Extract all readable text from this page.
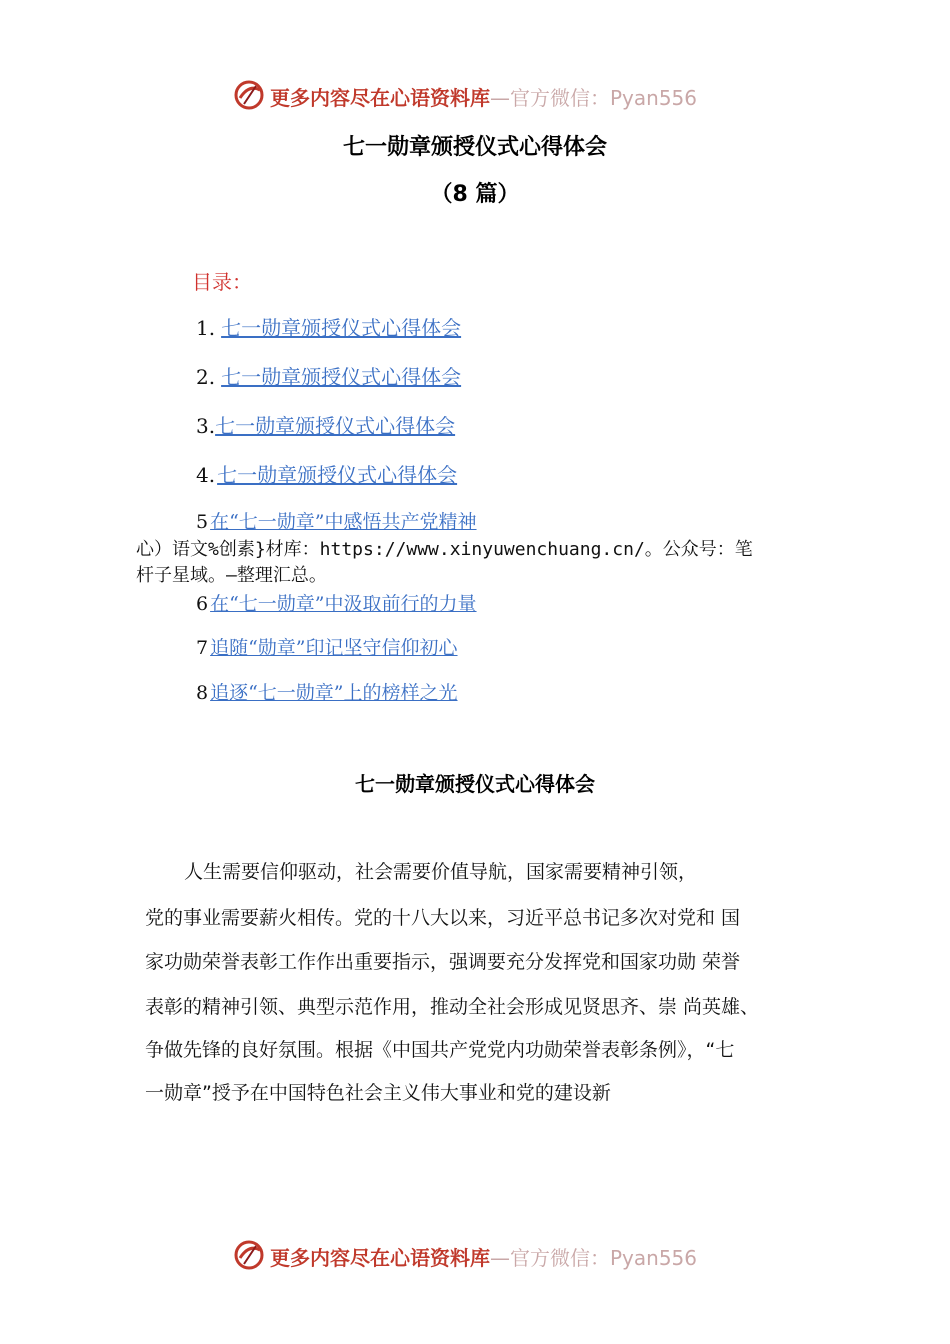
更多内容尽在心语资料库—官方微信：Pyan556
七一勋章颁授仪式心得体会
（8 篇）
目录：
1. 七一勋章颁授仪式心得体会
2. 七一勋章颁授仪式心得体会
3.七一勋章颁授仪式心得体会
4. 七一勋章颁授仪式心得体会
5 在“七一勋章”中感悟共产党精神
心）语文%创素}材库：https://www.xinyuwenchuang.cn/。公众号：笔
杆子星域。—整理汇总。
6 在“七一勋章”中汲取前行的力量
7 追随“勋章”印记坚守信仰初心
8 追逐“七一勋章”上的榜样之光
七一勋章颁授仪式心得体会
人生需要信仰驱动，社会需要价值导航，国家需要精神引领，
党的事业需要薪火相传。党的十八大以来，习近平总书记多次对党和 国
家功勋荣誉表彰工作作出重要指示，强调要充分发挥党和国家功勋 荣誉
表彰的精神引领、典型示范作用，推动全社会形成见贤思齐、崇 尚英雄、
争做先锋的良好氛围。根据《中国共产党党内功勋荣誉表彰条例》，“七
一勋章”授予在中国特色社会主义伟大事业和党的建设新
更多内容尽在心语资料库—官方微信：Pyan556
